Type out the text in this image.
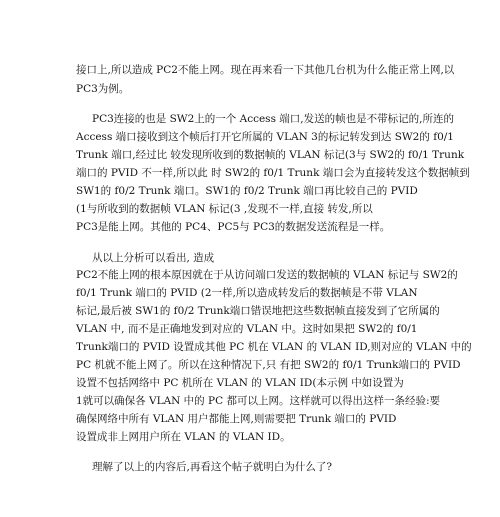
接口上,所以造成 PC2不能上网。现在再来看一下其他几台机为什么能正常上网,以
PC3为例。
PC3连接的也是 SW2上的一个 Access 端口,发送的帧也是不带标记的,所连的
Access 端口接收到这个帧后打开它所属的 VLAN 3的标记转发到达 SW2的 f0/1
Trunk 端口,经过比 较发现所收到的数据帧的 VLAN 标记(3与 SW2的 f0/1 Trunk
端口的 PVID 不一样,所以此 时 SW2的 f0/1 Trunk 端口会为直接转发这个数据帧到
SW1的 f0/2 Trunk 端口。SW1的 f0/2 Trunk 端口再比较自己的 PVID
(1与所收到的数据帧 VLAN 标记(3 ,发现不一样,直接 转发,所以
PC3是能上网。其他的 PC4、PC5与 PC3的数据发送流程是一样。
从以上分析可以看出, 造成
PC2不能上网的根本原因就在于从访问端口发送的数据帧的 VLAN 标记与 SW2的
f0/1 Trunk 端口的 PVID (2一样,所以造成转发后的数据帧是不带 VLAN
标记,最后被 SW1的 f0/2 Trunk端口错误地把这些数据帧直接发到了它所属的
VLAN 中, 而不是正确地发到对应的 VLAN 中。这时如果把 SW2的 f0/1
Trunk端口的 PVID 设置成其他 PC 机在 VLAN 的 VLAN ID,则对应的 VLAN 中的
PC 机就不能上网了。所以在这种情况下,只 有把 SW2的 f0/1 Trunk端口的 PVID
设置不包括网络中 PC 机所在 VLAN 的 VLAN ID(本示例 中如设置为
1就可以确保各 VLAN 中的 PC 都可以上网。这样就可以得出这样一条经验:要
确保网络中所有 VLAN 用户都能上网,则需要把 Trunk 端口的 PVID
设置成非上网用户所在 VLAN 的 VLAN ID。
理解了以上的内容后,再看这个帖子就明白为什么了?
